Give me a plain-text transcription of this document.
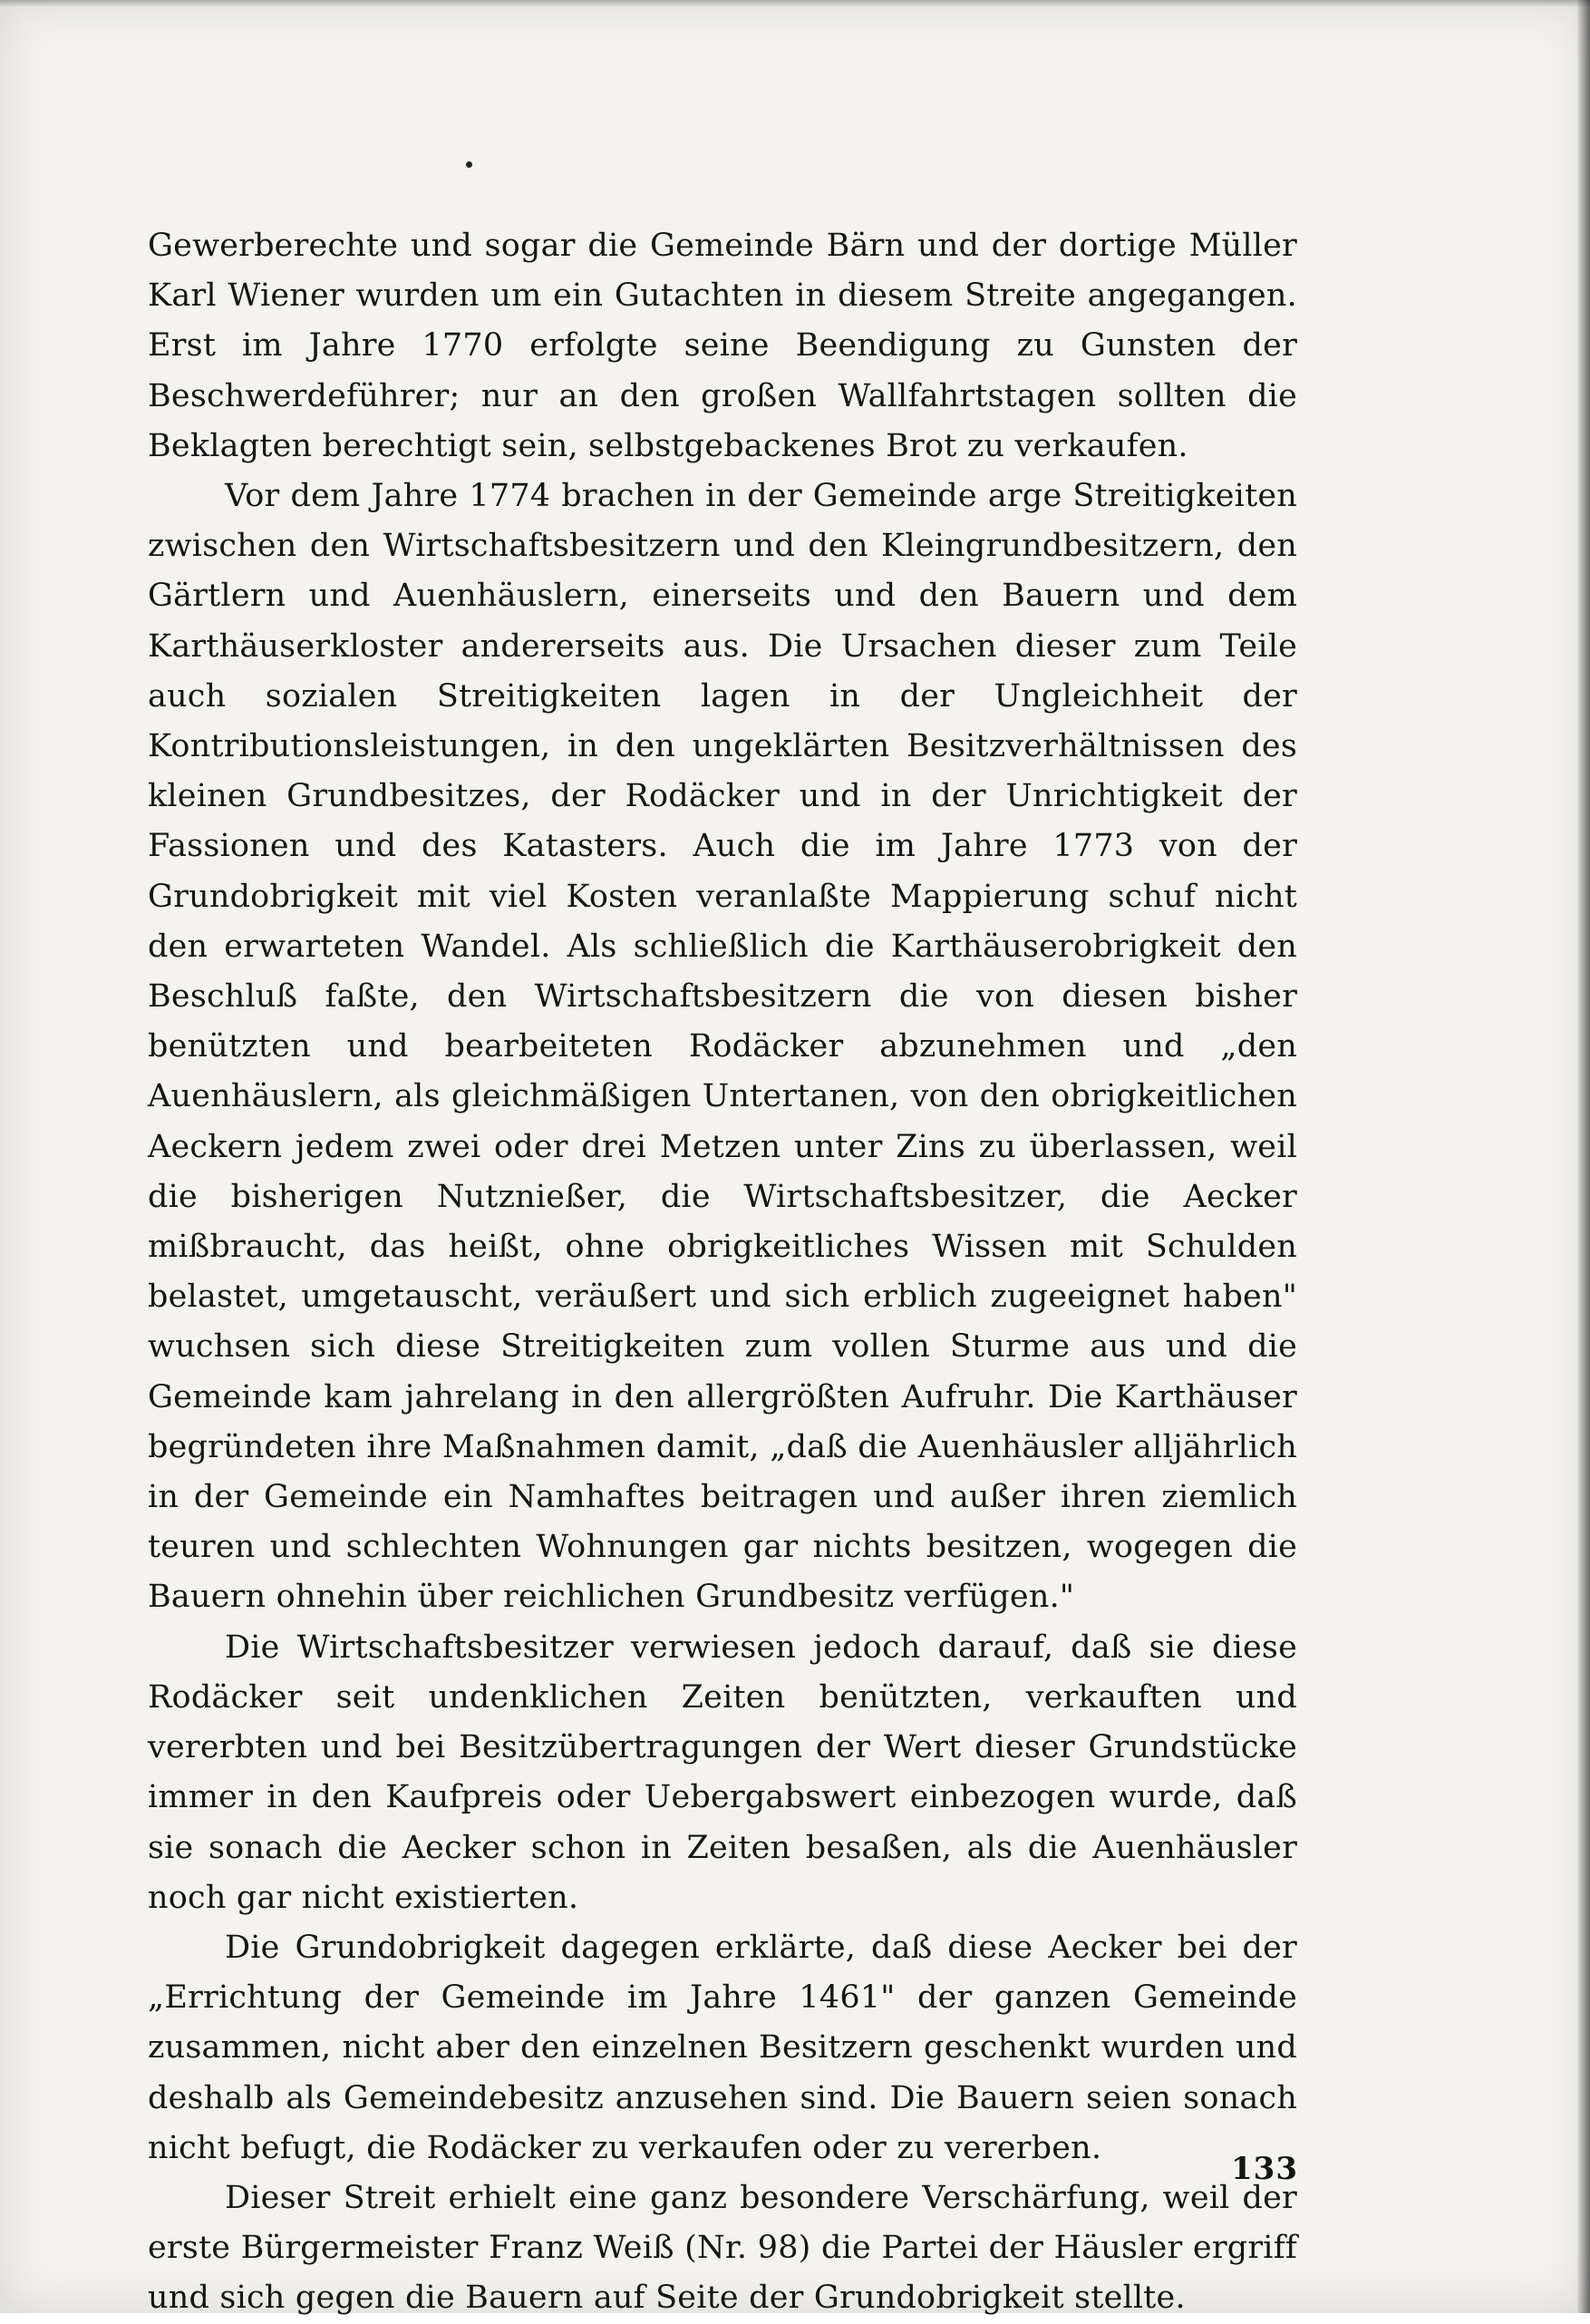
Gewerberechte und sogar die Gemeinde Bärn und der dortige Müller Karl Wiener wurden um ein Gutachten in diesem Streite angegangen. Erst im Jahre 1770 erfolgte seine Beendigung zu Gunsten der Beschwerdeführer; nur an den großen Wallfahrtstagen sollten die Beklagten berechtigt sein, selbstgebackenes Brot zu verkaufen.

Vor dem Jahre 1774 brachen in der Gemeinde arge Streitigkeiten zwischen den Wirtschaftsbesitzern und den Kleingrundbesitzern, den Gärtlern und Auenhäuslern, einerseits und den Bauern und dem Karthäuserkloster andererseits aus. Die Ursachen dieser zum Teile auch sozialen Streitigkeiten lagen in der Ungleichheit der Kontributionsleistungen, in den ungeklärten Besitzverhältnissen des kleinen Grundbesitzes, der Rodäcker und in der Unrichtigkeit der Fassionen und des Katasters. Auch die im Jahre 1773 von der Grundobrigkeit mit viel Kosten veranlaßte Mappierung schuf nicht den erwarteten Wandel. Als schließlich die Karthäuserobrigkeit den Beschluß faßte, den Wirtschaftsbesitzern die von diesen bisher benützten und bearbeiteten Rodäcker abzunehmen und „den Auenhäuslern, als gleichmäßigen Untertanen, von den obrigkeitlichen Aeckern jedem zwei oder drei Metzen unter Zins zu überlassen, weil die bisherigen Nutznießer, die Wirtschaftsbesitzer, die Aecker mißbraucht, das heißt, ohne obrigkeitliches Wissen mit Schulden belastet, umgetauscht, veräußert und sich erblich zugeeignet haben" wuchsen sich diese Streitigkeiten zum vollen Sturme aus und die Gemeinde kam jahrelang in den allergrößten Aufruhr. Die Karthäuser begründeten ihre Maßnahmen damit, „daß die Auenhäusler alljährlich in der Gemeinde ein Namhaftes beitragen und außer ihren ziemlich teuren und schlechten Wohnungen gar nichts besitzen, wogegen die Bauern ohnehin über reichlichen Grundbesitz verfügen."

Die Wirtschaftsbesitzer verwiesen jedoch darauf, daß sie diese Rodäcker seit undenklichen Zeiten benützten, verkauften und vererbten und bei Besitzübertragungen der Wert dieser Grundstücke immer in den Kaufpreis oder Uebergabswert einbezogen wurde, daß sie sonach die Aecker schon in Zeiten besaßen, als die Auenhäusler noch gar nicht existierten.

Die Grundobrigkeit dagegen erklärte, daß diese Aecker bei der „Errichtung der Gemeinde im Jahre 1461" der ganzen Gemeinde zusammen, nicht aber den einzelnen Besitzern geschenkt wurden und deshalb als Gemeindebesitz anzusehen sind. Die Bauern seien sonach nicht befugt, die Rodäcker zu verkaufen oder zu vererben.

Dieser Streit erhielt eine ganz besondere Verschärfung, weil der erste Bürgermeister Franz Weiß (Nr. 98) die Partei der Häusler ergriff und sich gegen die Bauern auf Seite der Grundobrigkeit stellte.

133
